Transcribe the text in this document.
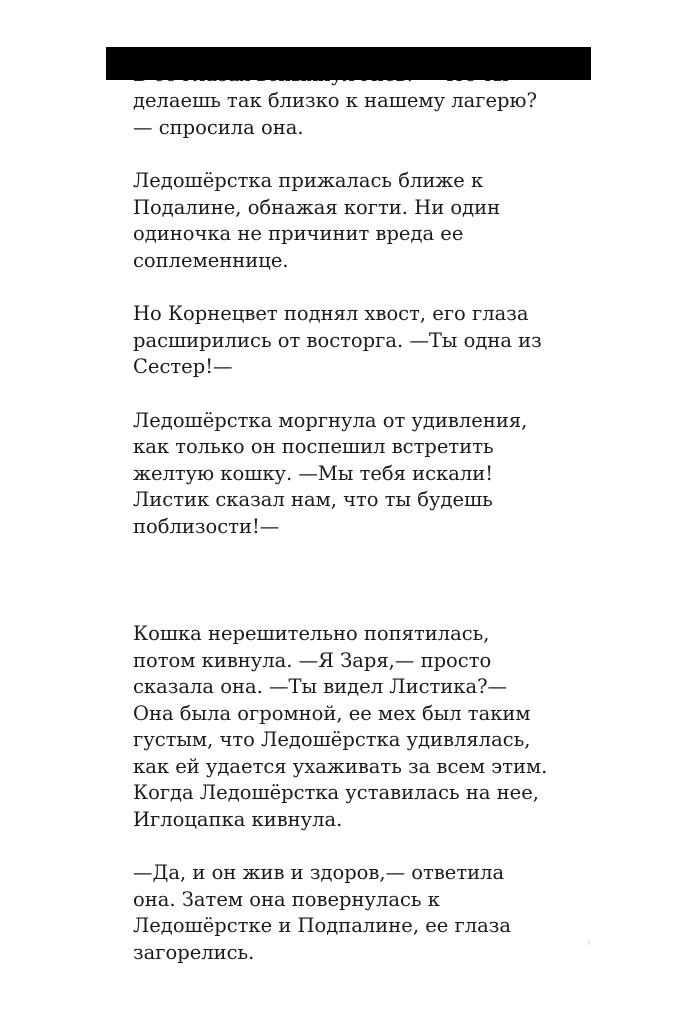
делаешь так близко к нашему лагерю?
— спросила она.

Ледошёрстка прижалась ближе к
Подалине, обнажая когти. Ни один
одиночка не причинит вреда ее
соплеменнице.

Но Корнецвет поднял хвост, его глаза
расширились от восторга. —Ты одна из
Сестер!—

Ледошёрстка моргнула от удивления,
как только он поспешил встретить
желтую кошку. —Мы тебя искали!
Листик сказал нам, что ты будешь
поблизости!—

Кошка нерешительно попятилась,
потом кивнула. —Я Заря,— просто
сказала она. —Ты видел Листика?—
Она была огромной, ее мех был таким
густым, что Ледошёрстка удивлялась,
как ей удается ухаживать за всем этим.
Когда Ледошёрстка уставилась на нее,
Иглоцапка кивнула.

—Да, и он жив и здоров,— ответила
она. Затем она повернулась к
Ледошёрстке и Подпалине, ее глаза
загорелись.
